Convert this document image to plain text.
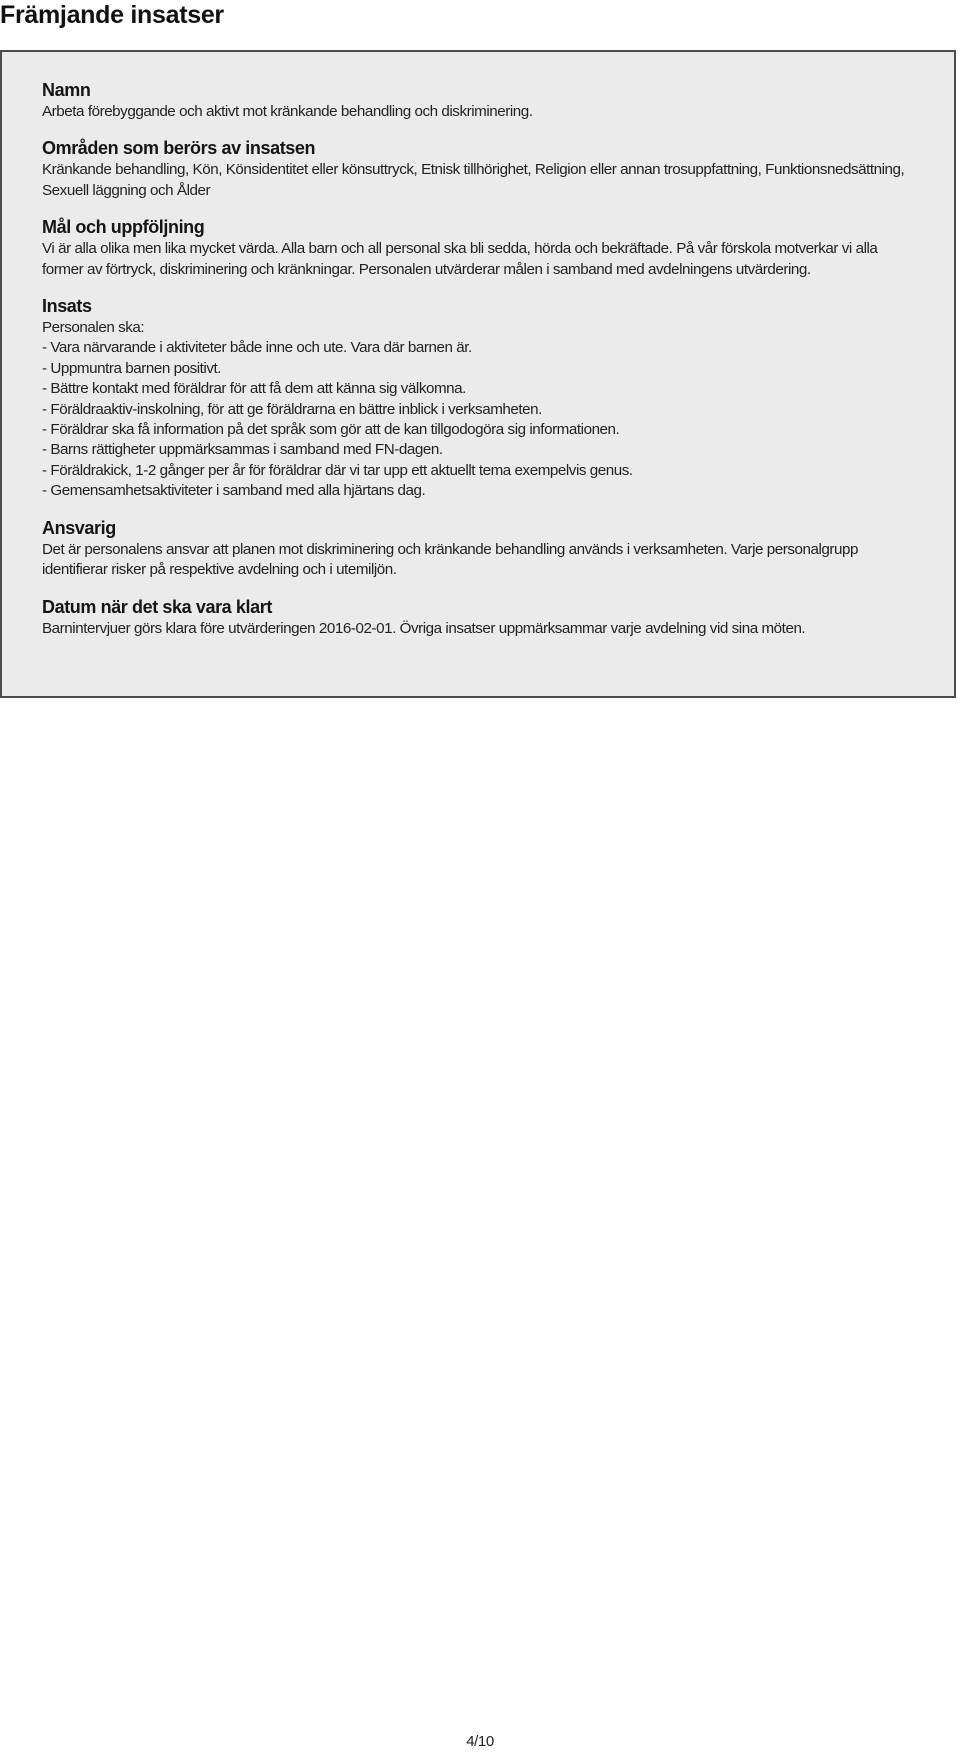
Främjande insatser
Namn

Arbeta förebyggande och aktivt mot kränkande behandling och diskriminering.

Områden som berörs av insatsen

Kränkande behandling, Kön, Könsidentitet eller könsuttryck, Etnisk tillhörighet, Religion eller annan trosuppfattning, Funktionsnedsättning, Sexuell läggning och Ålder

Mål och uppföljning

Vi är alla olika men lika mycket värda. Alla barn och all personal ska bli sedda, hörda och bekräftade. På vår förskola motverkar vi alla former av förtryck, diskriminering och kränkningar. Personalen utvärderar målen i samband med avdelningens utvärdering.

Insats
Personalen ska:
- Vara närvarande i aktiviteter både inne och ute. Vara där barnen är.
- Uppmuntra barnen positivt.
- Bättre kontakt med föräldrar för att få dem att känna sig välkomna.
- Föräldraaktiv-inskolning, för att ge föräldrarna en bättre inblick i verksamheten.
- Föräldrar ska få information på det språk som gör att de kan tillgodogöra sig informationen.
- Barns rättigheter uppmärksammas i samband med FN-dagen.
- Föräldrakick, 1-2 gånger per år för föräldrar där vi tar upp ett aktuellt tema exempelvis genus.
- Gemensamhetsaktiviteter i samband med alla hjärtans dag.
Ansvarig

Det är personalens ansvar att planen mot diskriminering och kränkande behandling används i verksamheten. Varje personalgrupp identifierar risker på respektive avdelning och i utemiljön.

Datum när det ska vara klart

Barnintervjuer görs klara före utvärderingen 2016-02-01. Övriga insatser uppmärksammar varje avdelning vid sina möten.

4/10
